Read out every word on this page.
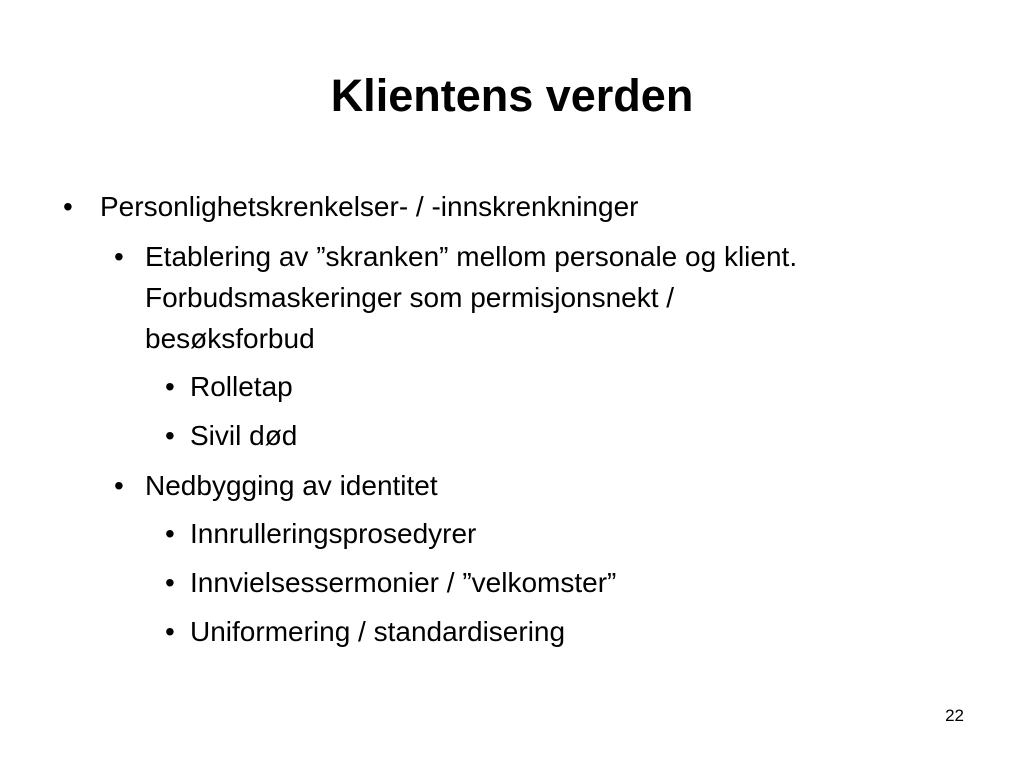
Klientens verden
• Personlighetskrenkelser- / -innskrenkninger
• Etablering av ”skranken” mellom personale og klient.
Forbudsmaskeringer som permisjonsnekt /
besøksforbud
• Rolletap
• Sivil død
• Nedbygging av identitet
• Innrulleringsprosedyrer
• Innvielsessermonier / ”velkomster”
• Uniformering / standardisering
22
